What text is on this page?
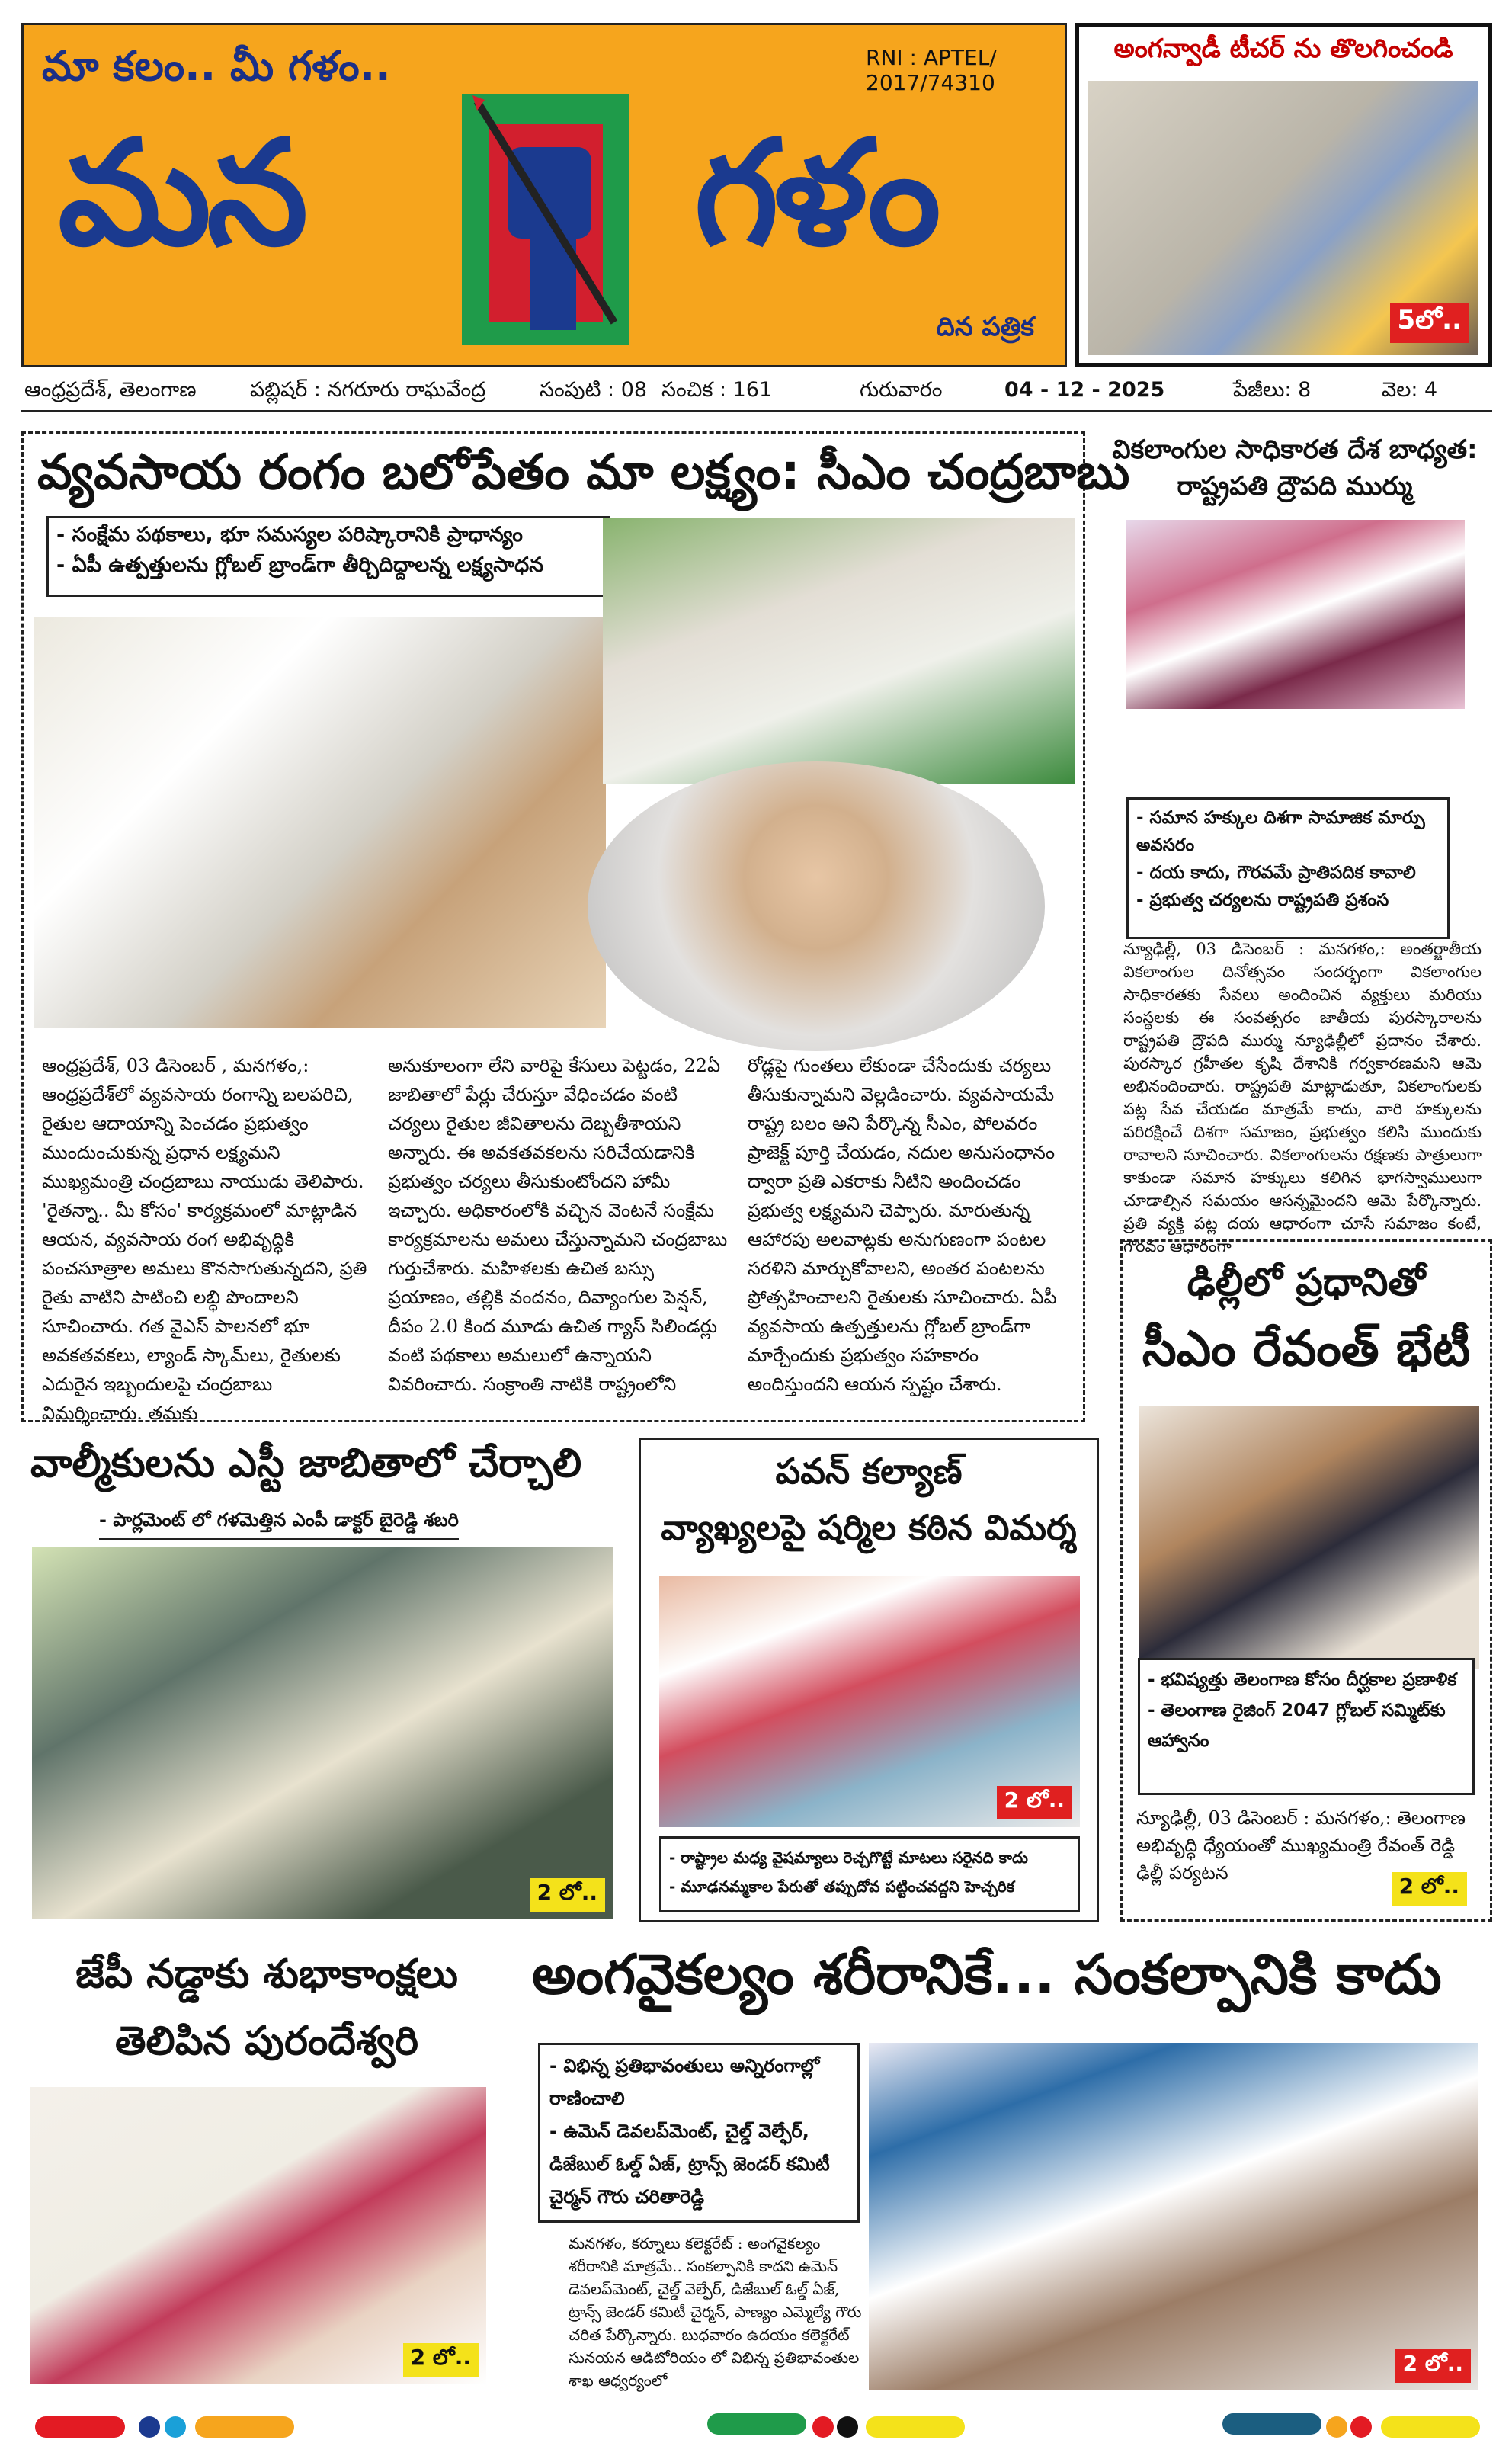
మా కలం.. మీ గళం..	RNI : APTEL/ 2017/74310
మన	గళం
దిన పత్రిక
అంగన్వాడీ టీచర్ ను తొలగించండి
5లో..
ఆంధ్రప్రదేశ్, తెలంగాణ	పబ్లిషర్ : నగరూరు రాఘవేంద్ర	సంపుటి : 08 సంచిక : 161	గురువారం	04 - 12 - 2025	పేజీలు: 8	వెల: 4
వ్యవసాయ రంగం బలోపేతం మా లక్ష్యం: సీఎం చంద్రబాబు
- సంక్షేమ పథకాలు, భూ సమస్యల పరిష్కారానికి ప్రాధాన్యం
- ఏపీ ఉత్పత్తులను గ్లోబల్ బ్రాండ్‌గా తీర్చిదిద్దాలన్న లక్ష్యసాధన
ఆంధ్రప్రదేశ్, 03 డిసెంబర్ , మనగళం,: ఆంధ్రప్రదేశ్‌లో వ్యవసాయ రంగాన్ని బలపరిచి, రైతుల ఆదాయాన్ని పెంచడం ప్రభుత్వం ముందుంచుకున్న ప్రధాన లక్ష్యమని ముఖ్యమంత్రి చంద్రబాబు నాయుడు తెలిపారు. 'రైతన్నా.. మీ కోసం' కార్యక్రమంలో మాట్లాడిన ఆయన, వ్యవసాయ రంగ అభివృద్ధికి పంచసూత్రాల అమలు కొనసాగుతున్నదని, ప్రతి రైతు వాటిని పాటించి లబ్ధి పొందాలని సూచించారు. గత వైఎస్ పాలనలో భూ అవకతవకలు, ల్యాండ్ స్కామ్‌లు, రైతులకు ఎదురైన ఇబ్బందులపై చంద్రబాబు విమర్శించారు. తమకు
అనుకూలంగా లేని వారిపై కేసులు పెట్టడం, 22ఏ జాబితాలో పేర్లు చేరుస్తూ వేధించడం వంటి చర్యలు రైతుల జీవితాలను దెబ్బతీశాయని అన్నారు. ఈ అవకతవకలను సరిచేయడానికి ప్రభుత్వం చర్యలు తీసుకుంటోందని హామీ ఇచ్చారు. అధికారంలోకి వచ్చిన వెంటనే సంక్షేమ కార్యక్రమాలను అమలు చేస్తున్నామని చంద్రబాబు గుర్తుచేశారు. మహిళలకు ఉచిత బస్సు ప్రయాణం, తల్లికి వందనం, దివ్యాంగుల పెన్షన్, దీపం 2.0 కింద మూడు ఉచిత గ్యాస్ సిలిండర్లు వంటి పథకాలు అమలులో ఉన్నాయని వివరించారు. సంక్రాంతి నాటికి రాష్ట్రంలోని
రోడ్లపై గుంతలు లేకుండా చేసేందుకు చర్యలు తీసుకున్నామని వెల్లడించారు. వ్యవసాయమే రాష్ట్ర బలం అని పేర్కొన్న సీఎం, పోలవరం ప్రాజెక్ట్ పూర్తి చేయడం, నదుల అనుసంధానం ద్వారా ప్రతి ఎకరాకు నీటిని అందించడం ప్రభుత్వ లక్ష్యమని చెప్పారు. మారుతున్న ఆహారపు అలవాట్లకు అనుగుణంగా పంటల సరళిని మార్చుకోవాలని, అంతర పంటలను ప్రోత్సహించాలని రైతులకు సూచించారు. ఏపీ వ్యవసాయ ఉత్పత్తులను గ్లోబల్ బ్రాండ్‌గా మార్చేందుకు ప్రభుత్వం సహకారం అందిస్తుందని ఆయన స్పష్టం చేశారు.
వికలాంగుల సాధికారత దేశ బాధ్యత:
రాష్ట్రపతి ద్రౌపది ముర్ము
- సమాన హక్కుల దిశగా సామాజిక మార్పు అవసరం
- దయ కాదు, గౌరవమే ప్రాతిపదిక కావాలి
- ప్రభుత్వ చర్యలను రాష్ట్రపతి ప్రశంస
న్యూఢిల్లీ, 03 డిసెంబర్ : మనగళం,: అంతర్జాతీయ వికలాంగుల దినోత్సవం సందర్భంగా వికలాంగుల సాధికారతకు సేవలు అందించిన వ్యక్తులు మరియు సంస్థలకు ఈ సంవత్సరం జాతీయ పురస్కారాలను రాష్ట్రపతి ద్రౌపది ముర్ము న్యూఢిల్లీలో ప్రదానం చేశారు. పురస్కార గ్రహీతల కృషి దేశానికి గర్వకారణమని ఆమె అభినందించారు. రాష్ట్రపతి మాట్లాడుతూ, వికలాంగులకు పట్ల సేవ చేయడం మాత్రమే కాదు, వారి హక్కులను పరిరక్షించే దిశగా సమాజం, ప్రభుత్వం కలిసి ముందుకు రావాలని సూచించారు. వికలాంగులను రక్షణకు పాత్రులుగా కాకుండా సమాన హక్కులు కలిగిన భాగస్వాములుగా చూడాల్సిన సమయం ఆసన్నమైందని ఆమె పేర్కొన్నారు. ప్రతి వ్యక్తి పట్ల దయ ఆధారంగా చూసే సమాజం కంటే, గౌరవం ఆధారంగా
ఢిల్లీలో ప్రధానితో
సీఎం రేవంత్ భేటీ
- భవిష్యత్తు తెలంగాణ కోసం దీర్ఘకాల ప్రణాళిక
- తెలంగాణ రైజింగ్ 2047 గ్లోబల్ సమ్మిట్‌కు ఆహ్వానం
న్యూఢిల్లీ, 03 డిసెంబర్ : మనగళం,: తెలంగాణ అభివృద్ధి ధ్యేయంతో ముఖ్యమంత్రి రేవంత్ రెడ్డి ఢిల్లీ పర్యటన
2 లో..
వాల్మీకులను ఎస్టీ జాబితాలో చేర్చాలి
- పార్లమెంట్ లో గళమెత్తిన ఎంపీ డాక్టర్ బైరెడ్డి శబరి
2 లో..
పవన్ కల్యాణ్
వ్యాఖ్యలపై షర్మిల కఠిన విమర్శ
2 లో..
- రాష్ట్రాల మధ్య వైషమ్యాలు రెచ్చగొట్టే మాటలు సరైనది కాదు
- మూఢనమ్మకాల పేరుతో తప్పుదోవ పట్టించవద్దని హెచ్చరిక
జేపీ నడ్డాకు శుభాకాంక్షలు
తెలిపిన పురందేశ్వరి
2 లో..
అంగవైకల్యం శరీరానికే... సంకల్పానికి కాదు
- విభిన్న ప్రతిభావంతులు అన్నిరంగాల్లో రాణించాలి
- ఉమెన్ డెవలప్‌మెంట్, చైల్డ్ వెల్ఫేర్, డిజేబుల్ ఓల్డ్ ఏజ్, ట్రాన్స్ జెండర్ కమిటీ చైర్మన్ గౌరు చరితారెడ్డి
2 లో..
మనగళం, కర్నూలు కలెక్టరేట్ : అంగవైకల్యం శరీరానికి మాత్రమే.. సంకల్పానికి కాదని ఉమెన్ డెవలప్‌మెంట్, చైల్డ్ వెల్ఫేర్, డిజేబుల్ ఓల్డ్ ఏజ్, ట్రాన్స్ జెండర్ కమిటీ చైర్మన్, పాణ్యం ఎమ్మెల్యే గౌరు చరిత పేర్కొన్నారు. బుధవారం ఉదయం కలెక్టరేట్ సునయన ఆడిటోరియం లో విభిన్న ప్రతిభావంతుల శాఖ ఆధ్వర్యంలో
